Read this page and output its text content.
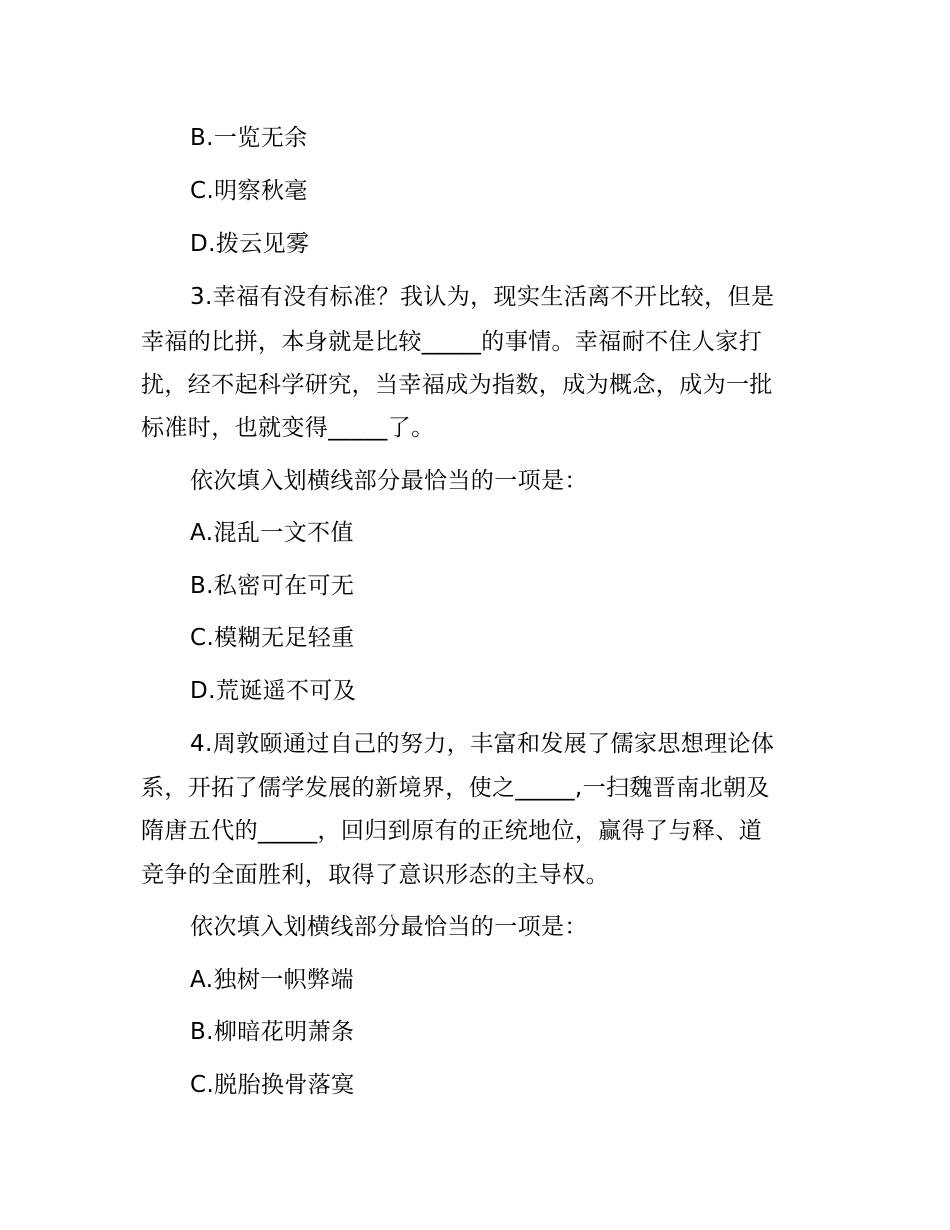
B.一览无余
C.明察秋毫
D.拨云见雾
3.幸福有没有标准？我认为，现实生活离不开比较，但是
幸福的比拼，本身就是比较_____的事情。幸福耐不住人家打
扰，经不起科学研究，当幸福成为指数，成为概念，成为一批
标准时，也就变得_____了。
依次填入划横线部分最恰当的一项是：
A.混乱一文不值
B.私密可在可无
C.模糊无足轻重
D.荒诞遥不可及
4.周敦颐通过自己的努力，丰富和发展了儒家思想理论体
系，开拓了儒学发展的新境界，使之_____,一扫魏晋南北朝及
隋唐五代的_____，回归到原有的正统地位，赢得了与释、道
竞争的全面胜利，取得了意识形态的主导权。
依次填入划横线部分最恰当的一项是：
A.独树一帜弊端
B.柳暗花明萧条
C.脱胎换骨落寞
